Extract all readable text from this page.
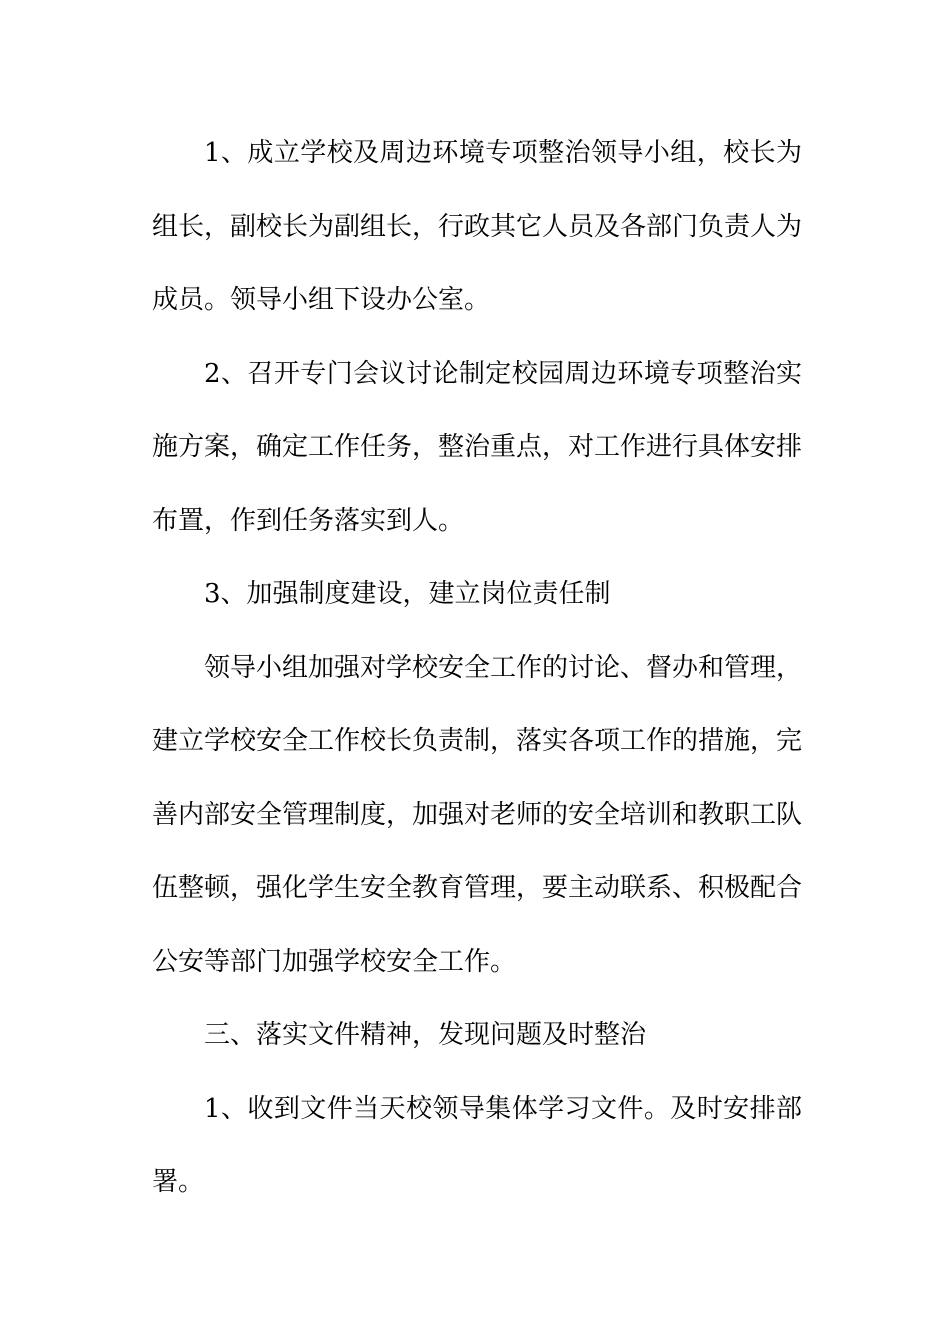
1、成立学校及周边环境专项整治领导小组，校长为组长，副校长为副组长，行政其它人员及各部门负责人为成员。领导小组下设办公室。

2、召开专门会议讨论制定校园周边环境专项整治实施方案，确定工作任务，整治重点，对工作进行具体安排布置，作到任务落实到人。

3、加强制度建设，建立岗位责任制

领导小组加强对学校安全工作的讨论、督办和管理，建立学校安全工作校长负责制，落实各项工作的措施，完善内部安全管理制度，加强对老师的安全培训和教职工队伍整顿，强化学生安全教育管理，要主动联系、积极配合公安等部门加强学校安全工作。

三、落实文件精神，发现问题及时整治

1、收到文件当天校领导集体学习文件。及时安排部署。
